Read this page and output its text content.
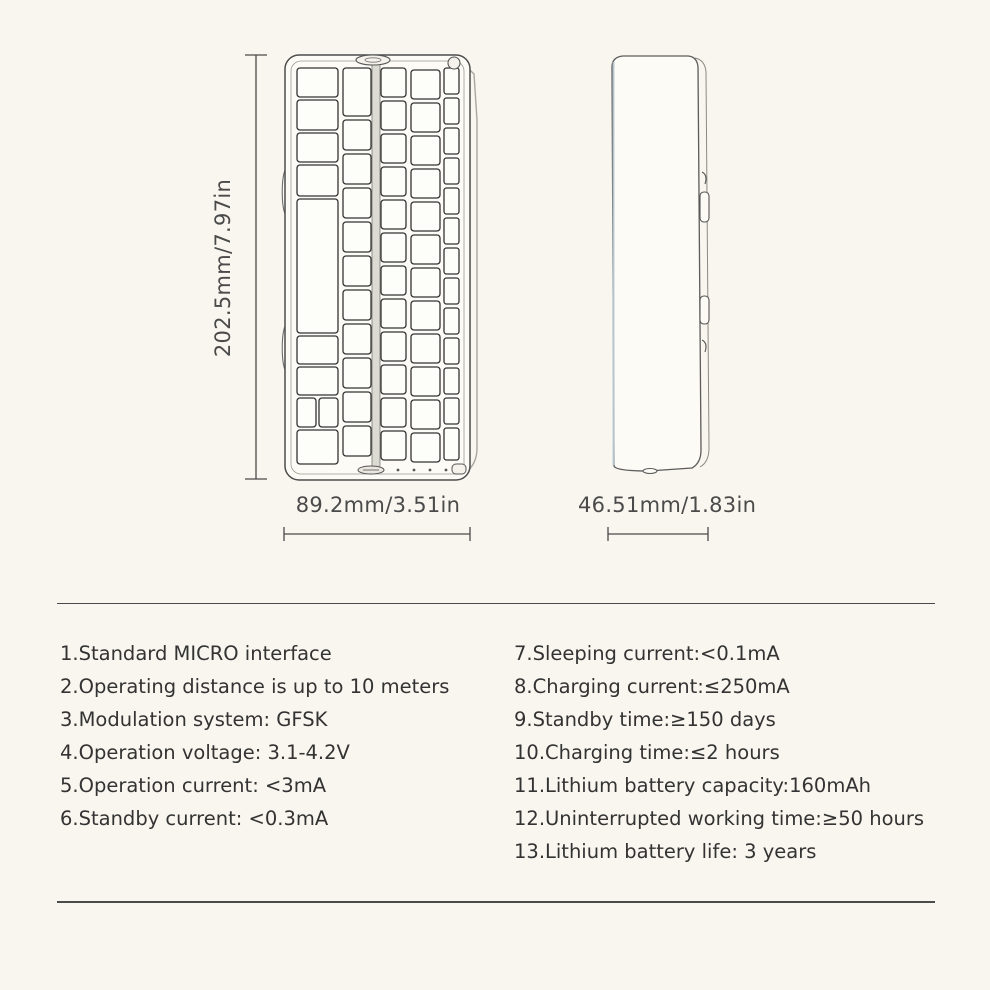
202.5mm/7.97in
89.2mm/3.51in	46.51mm/1.83in
1.Standard MICRO interface
2.Operating distance is up to 10 meters
3.Modulation system: GFSK
4.Operation voltage: 3.1-4.2V
5.Operation current: <3mA
6.Standby current: <0.3mA
7.Sleeping current:<0.1mA
8.Charging current:≤250mA
9.Standby time:≥150 days
10.Charging time:≤2 hours
11.Lithium battery capacity:160mAh
12.Uninterrupted working time:≥50 hours
13.Lithium battery life: 3 years
